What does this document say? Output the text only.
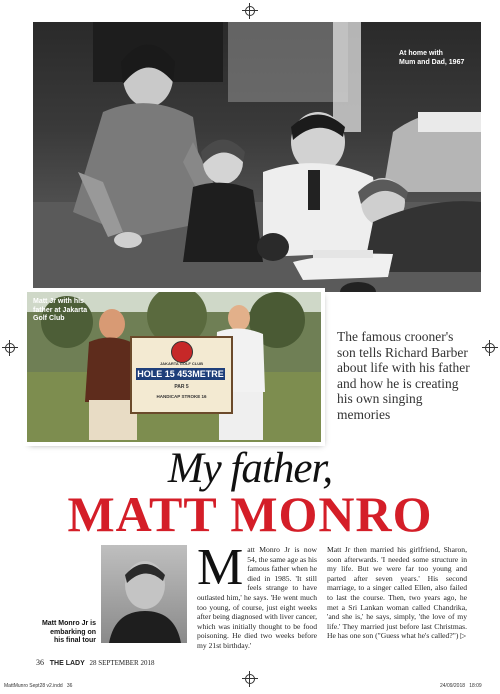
At home with
Mum and Dad, 1967
JAKARTA GOLF CLUB
HOLE 15 453METRE
PAR 5
HANDICAP STROKE 16
Matt Jr with his
father at Jakarta
Golf Club
The famous crooner's son tells Richard Barber about life with his father and how he is creating his own singing memories
My father,
MATT MONRO
Matt Monro Jr is
embarking on
his final tour
M att Monro Jr is now 54, the same age as his famous father when he died in 1985. 'It still feels strange to have outlasted him,' he says. 'He went much too young, of course, just eight weeks after being diagnosed with liver cancer, which was initially thought to be food poisoning. He died two weeks before my 21st birthday.'

Matt Jr then married his girlfriend, Sharon, soon afterwards. 'I needed some structure in my life. But we were far too young and parted after seven years.' His second marriage, to a singer called Ellen, also failed to last the course. Then, two years ago, he met a Sri Lankan woman called Chandrika, 'and she is,' he says, simply, 'the love of my life.' They married just before last Christmas. He has one son ("Guess what he's called?") ▷

36 THE LADY 28 SEPTEMBER 2018
MattMunro Sept28 v2.indd   36	24/09/2018   18:09
